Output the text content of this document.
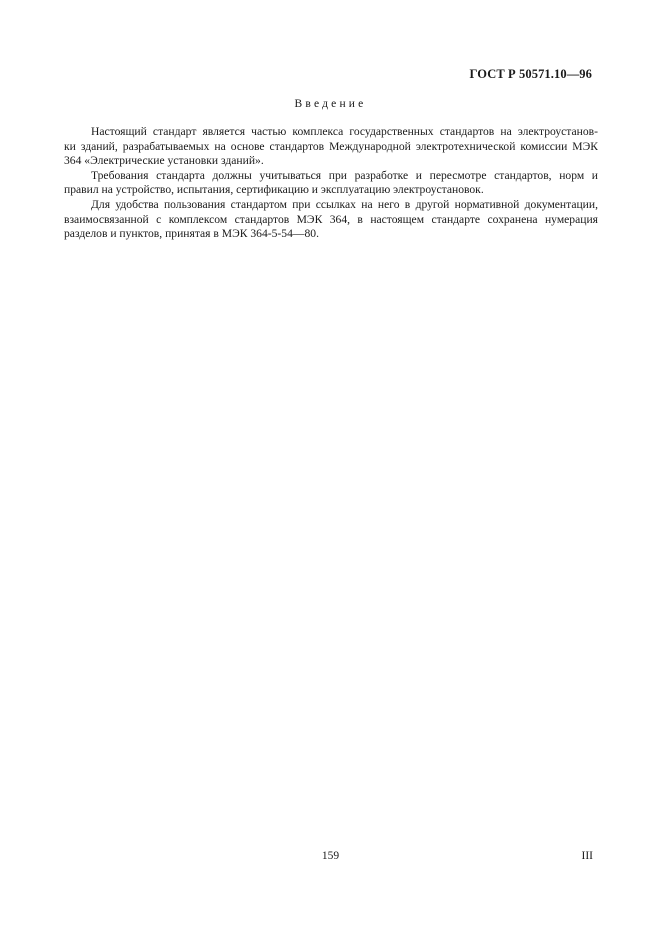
ГОСТ Р 50571.10—96
Введение

Настоящий стандарт является частью комплекса государственных стандартов на электроустанов-
ки зданий, разрабатываемых на основе стандартов Международной электротехнической комиссии МЭК 364 «Электрические установки зданий».

Требования стандарта должны учитываться при разработке и пересмотре стандартов, норм и
правил на устройство, испытания, сертификацию и эксплуатацию электроустановок.

Для удобства пользования стандартом при ссылках на него в другой нормативной документации,
взаимосвязанной с комплексом стандартов МЭК 364, в настоящем стандарте сохранена нумерация разделов и пунктов, принятая в МЭК 364-5-54—80.

159	III
